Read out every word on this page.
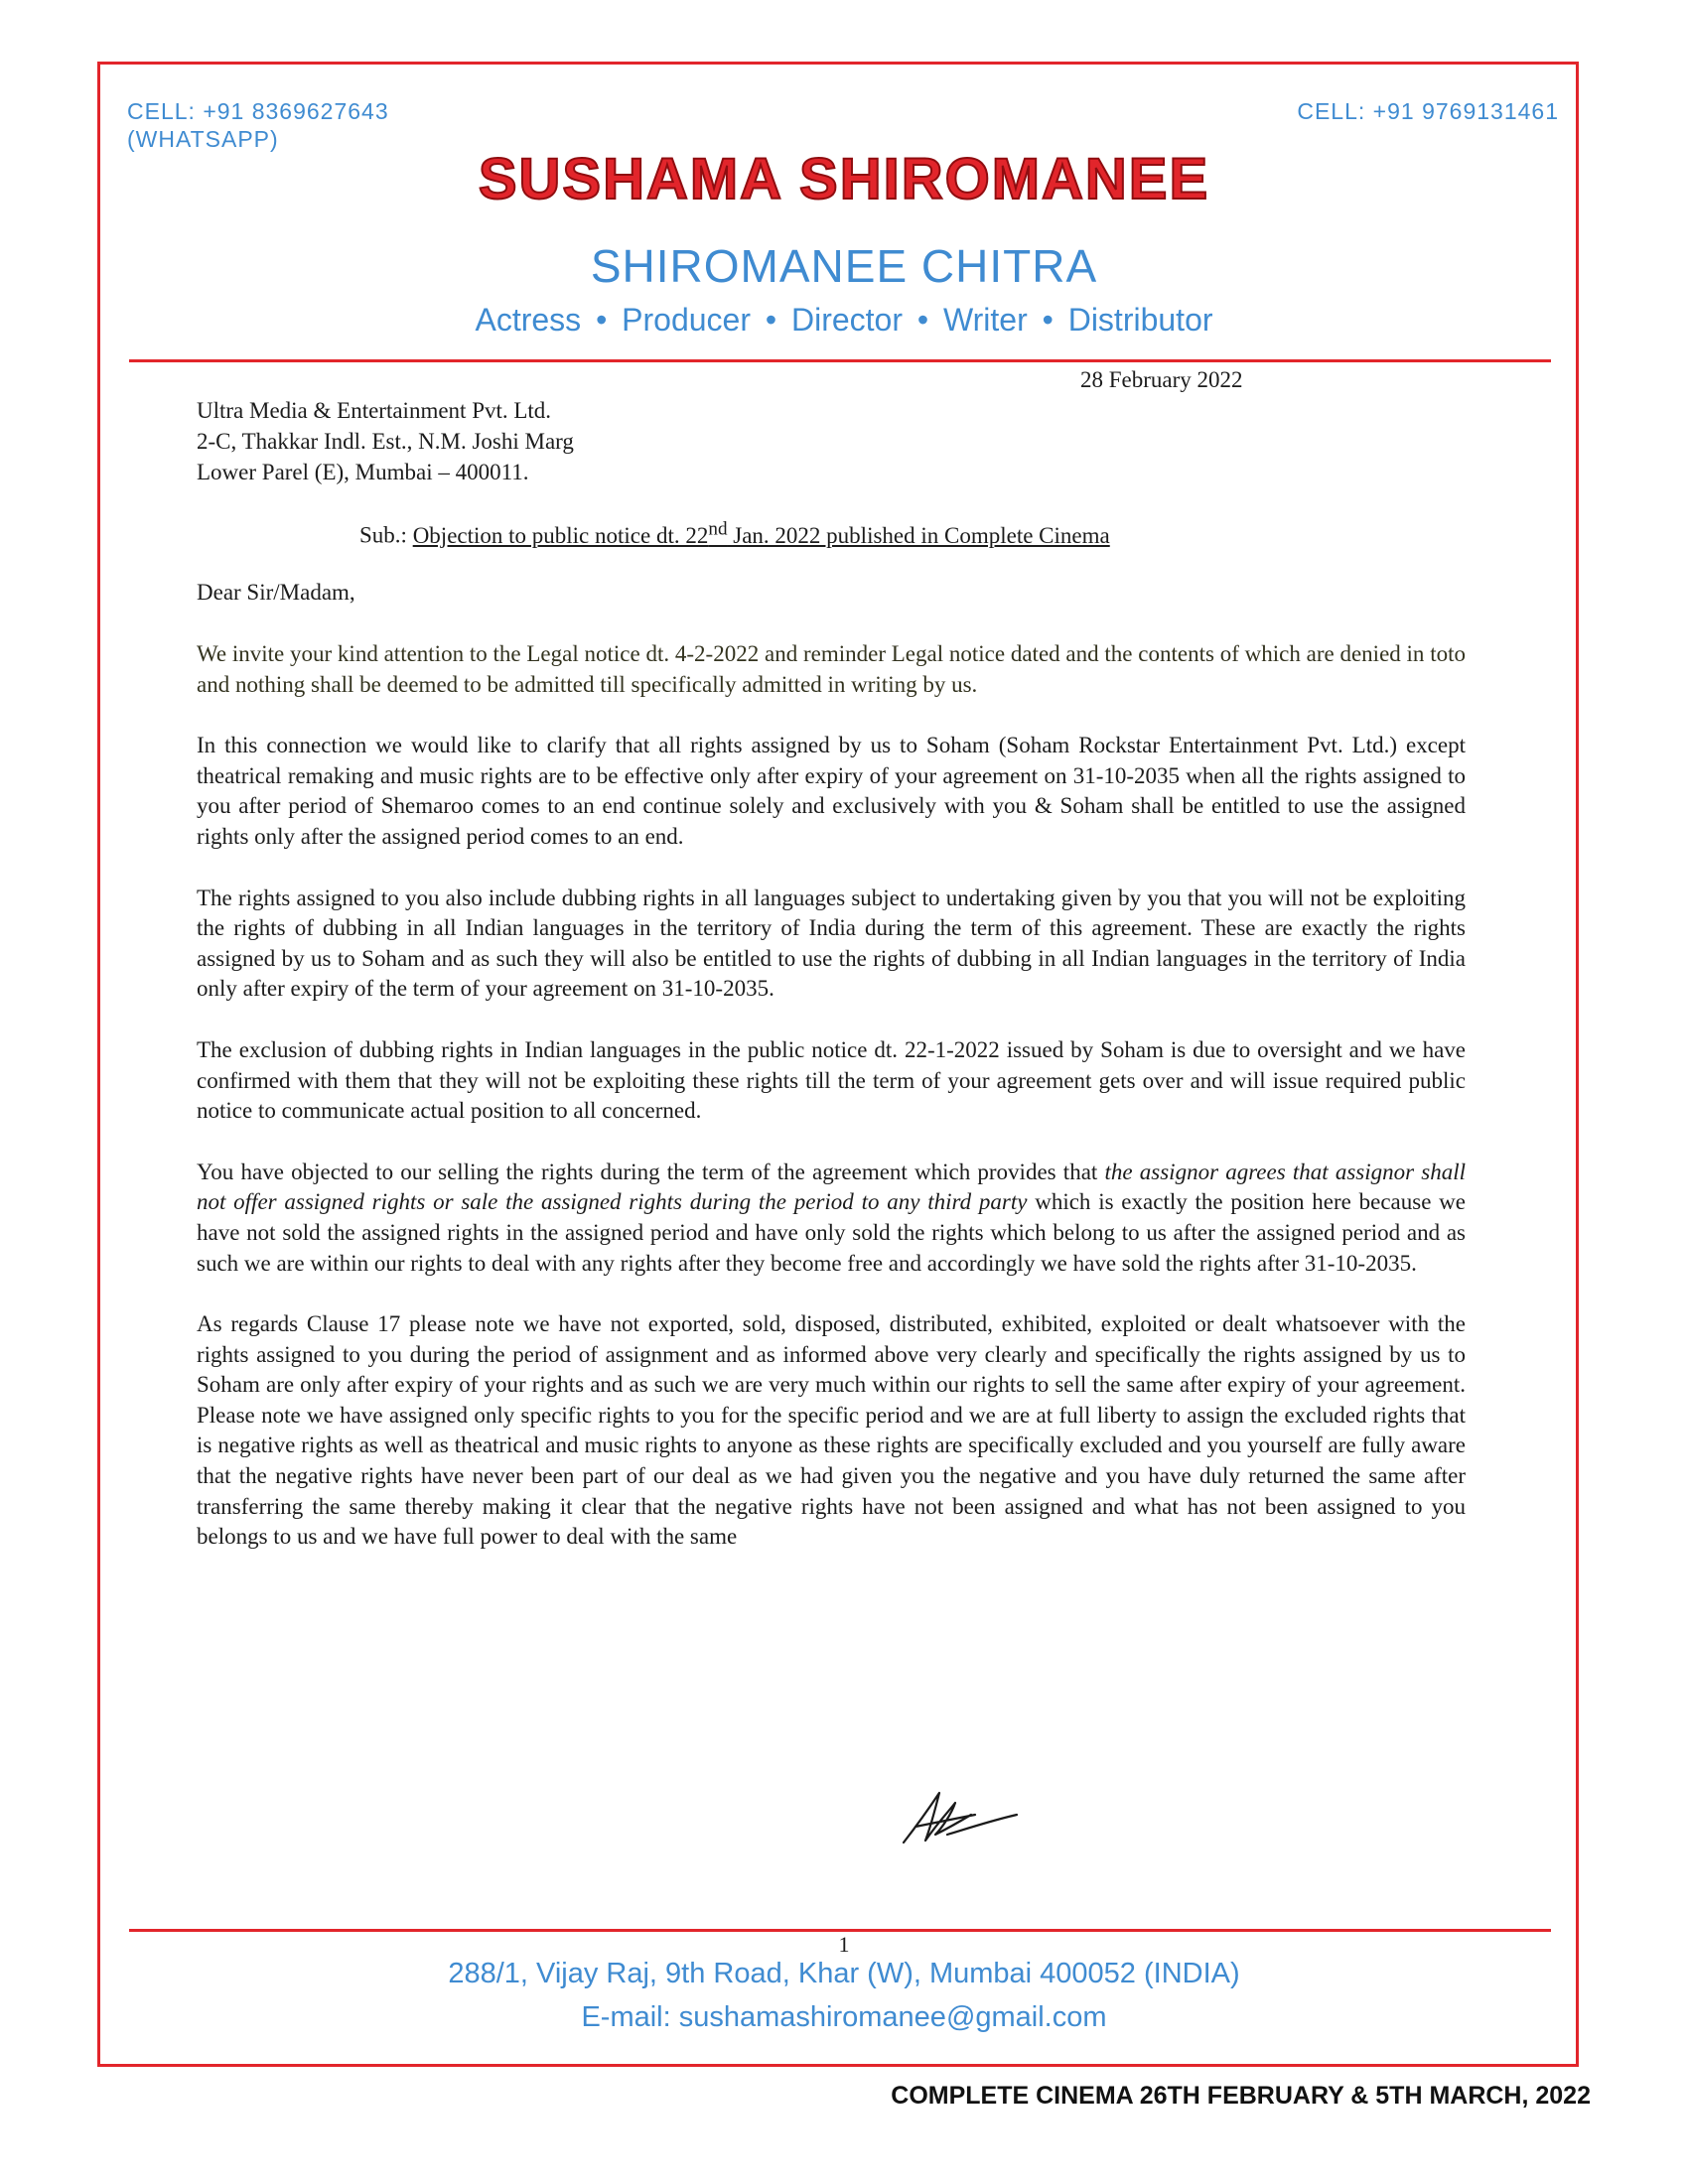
CELL: +91 8369627643
(WHATSAPP)
CELL: +91 9769131461
SUSHAMA SHIROMANEE
SHIROMANEE CHITRA
Actress • Producer • Director • Writer • Distributor
28 February 2022
Ultra Media & Entertainment Pvt. Ltd.
2-C, Thakkar Indl. Est., N.M. Joshi Marg
Lower Parel (E), Mumbai – 400011.
Sub.: Objection to public notice dt. 22nd Jan. 2022 published in Complete Cinema
Dear Sir/Madam,

We invite your kind attention to the Legal notice dt. 4-2-2022 and reminder Legal notice dated and the contents of which are denied in toto and nothing shall be deemed to be admitted till specifically admitted in writing by us.

In this connection we would like to clarify that all rights assigned by us to Soham (Soham Rockstar Entertainment Pvt. Ltd.) except theatrical remaking and music rights are to be effective only after expiry of your agreement on 31-10-2035 when all the rights assigned to you after period of Shemaroo comes to an end continue solely and exclusively with you & Soham shall be entitled to use the assigned rights only after the assigned period comes to an end.

The rights assigned to you also include dubbing rights in all languages subject to undertaking given by you that you will not be exploiting the rights of dubbing in all Indian languages in the territory of India during the term of this agreement. These are exactly the rights assigned by us to Soham and as such they will also be entitled to use the rights of dubbing in all Indian languages in the territory of India only after expiry of the term of your agreement on 31-10-2035.

The exclusion of dubbing rights in Indian languages in the public notice dt. 22-1-2022 issued by Soham is due to oversight and we have confirmed with them that they will not be exploiting these rights till the term of your agreement gets over and will issue required public notice to communicate actual position to all concerned.

You have objected to our selling the rights during the term of the agreement which provides that the assignor agrees that assignor shall not offer assigned rights or sale the assigned rights during the period to any third party which is exactly the position here because we have not sold the assigned rights in the assigned period and have only sold the rights which belong to us after the assigned period and as such we are within our rights to deal with any rights after they become free and accordingly we have sold the rights after 31-10-2035.

As regards Clause 17 please note we have not exported, sold, disposed, distributed, exhibited, exploited or dealt whatsoever with the rights assigned to you during the period of assignment and as informed above very clearly and specifically the rights assigned by us to Soham are only after expiry of your rights and as such we are very much within our rights to sell the same after expiry of your agreement. Please note we have assigned only specific rights to you for the specific period and we are at full liberty to assign the excluded rights that is negative rights as well as theatrical and music rights to anyone as these rights are specifically excluded and you yourself are fully aware that the negative rights have never been part of our deal as we had given you the negative and you have duly returned the same after transferring the same thereby making it clear that the negative rights have not been assigned and what has not been assigned to you belongs to us and we have full power to deal with the same

1
288/1, Vijay Raj, 9th Road, Khar (W), Mumbai 400052 (INDIA)
E-mail: sushamashiromanee@gmail.com
COMPLETE CINEMA 26TH FEBRUARY & 5TH MARCH, 2022
